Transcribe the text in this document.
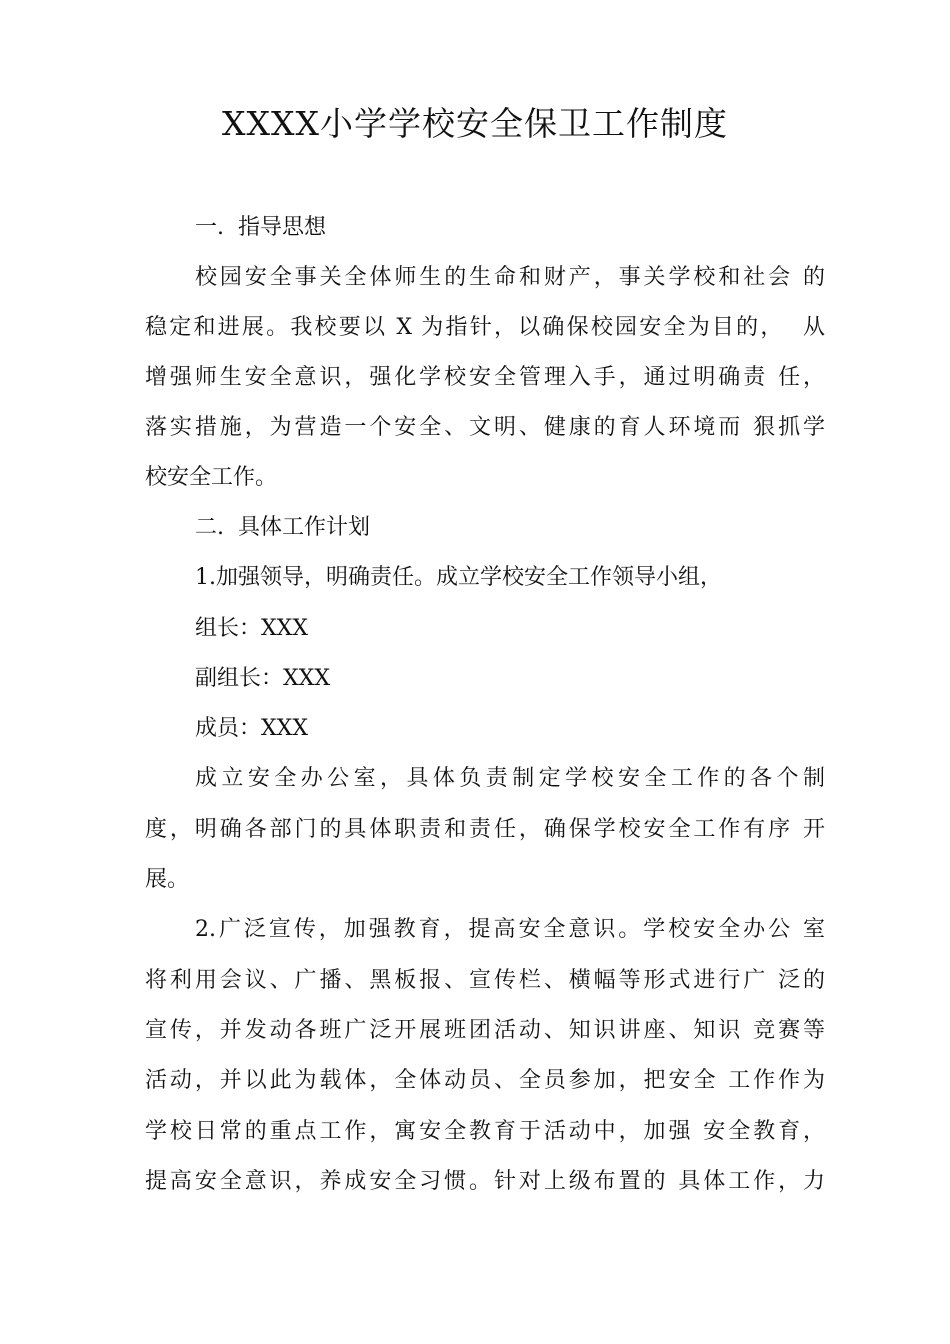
XXXX小学学校安全保卫工作制度
一.  指导思想
校园安全事关全体师生的生命和财产，事关学校和社会 的
稳定和进展。我校要以 X 为指针，以确保校园安全为目的，  从
增强师生安全意识，强化学校安全管理入手，通过明确责 任，
落实措施，为营造一个安全、文明、健康的育人环境而 狠抓学
校安全工作。
二.  具体工作计划
1.加强领导，明确责任。成立学校安全工作领导小组，
组长：XXX
副组长：XXX
成员：XXX
成立安全办公室，具体负责制定学校安全工作的各个制
度，明确各部门的具体职责和责任，确保学校安全工作有序 开
展。
2.广泛宣传，加强教育，提高安全意识。学校安全办公 室
将利用会议、广播、黑板报、宣传栏、横幅等形式进行广 泛的
宣传，并发动各班广泛开展班团活动、知识讲座、知识 竞赛等
活动，并以此为载体，全体动员、全员参加，把安全 工作作为
学校日常的重点工作，寓安全教育于活动中，加强 安全教育，
提高安全意识，养成安全习惯。针对上级布置的 具体工作，力
